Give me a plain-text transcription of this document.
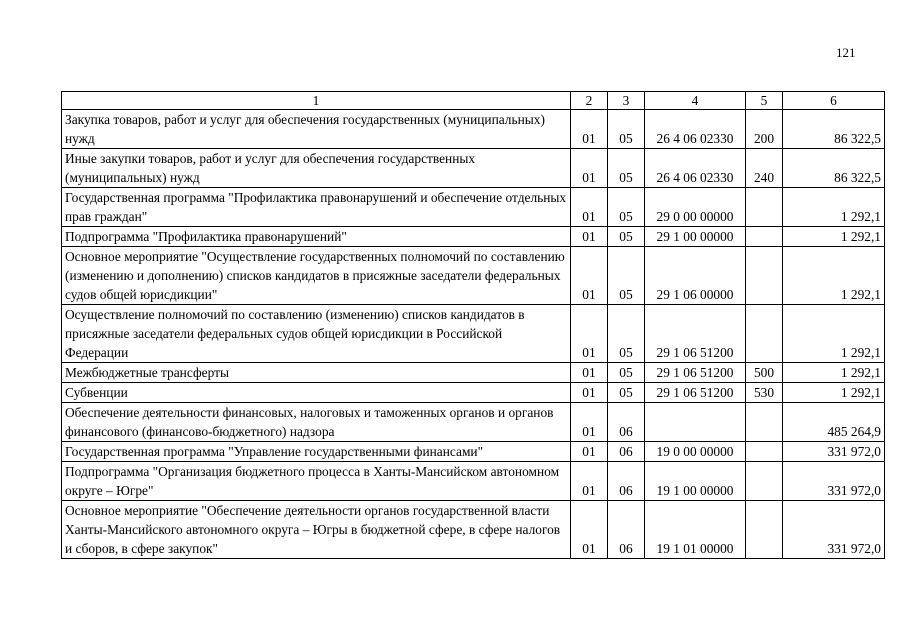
121
1	2	3	4	5	6
Закупка товаров, работ и услуг для обеспечения государственных (муниципальных) нужд	01	05	26 4 06 02330	200	86 322,5
Иные закупки товаров, работ и услуг для обеспечения государственных (муниципальных) нужд	01	05	26 4 06 02330	240	86 322,5
Государственная программа "Профилактика правонарушений и обеспечение отдельных прав граждан"	01	05	29 0 00 00000		1 292,1
Подпрограмма "Профилактика правонарушений"	01	05	29 1 00 00000		1 292,1
Основное мероприятие "Осуществление государственных полномочий по составлению (изменению и дополнению) списков кандидатов в присяжные заседатели федеральных судов общей юрисдикции"	01	05	29 1 06 00000		1 292,1
Осуществление полномочий по составлению (изменению) списков кандидатов в присяжные заседатели федеральных судов общей юрисдикции в Российской Федерации	01	05	29 1 06 51200		1 292,1
Межбюджетные трансферты	01	05	29 1 06 51200	500	1 292,1
Субвенции	01	05	29 1 06 51200	530	1 292,1
Обеспечение деятельности финансовых, налоговых и таможенных органов и органов финансового (финансово-бюджетного) надзора	01	06			485 264,9
Государственная программа "Управление государственными финансами"	01	06	19 0 00 00000		331 972,0
Подпрограмма "Организация бюджетного процесса в Ханты-Мансийском автономном округе – Югре"	01	06	19 1 00 00000		331 972,0
Основное мероприятие "Обеспечение деятельности органов государственной власти Ханты-Мансийского автономного округа – Югры в бюджетной сфере, в сфере налогов и сборов, в сфере закупок"	01	06	19 1 01 00000		331 972,0
